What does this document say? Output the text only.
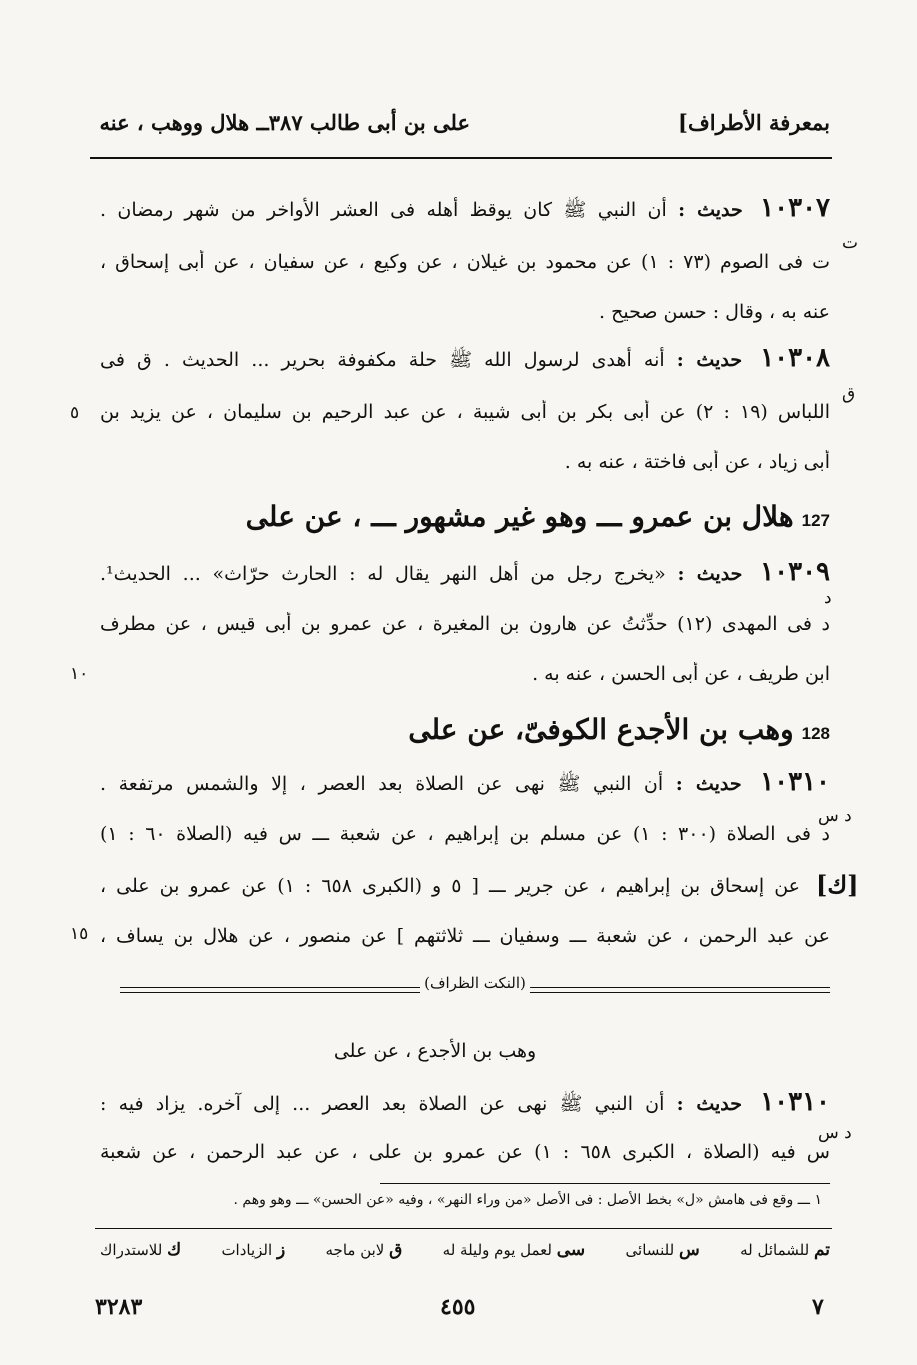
بمعرفة الأطراف]
على بن أبى طالب ٣٨٧ــ هلال ووهب ، عنه
١٠٣٠٧ حديث : أن النبي ﷺ كان يوقظ أهله فى العشر الأواخر من شهر رمضان .
ت
ت فى الصوم (٧٣ : ١) عن محمود بن غيلان ، عن وكيع ، عن سفيان ، عن أبى إسحاق ،
عنه به ، وقال : حسن صحيح .
١٠٣٠٨ حديث : أنه أهدى لرسول الله ﷺ حلة مكفوفة بحرير ... الحديث . ق فى
ق
اللباس (١٩ : ٢) عن أبى بكر بن أبى شيبة ، عن عبد الرحيم بن سليمان ، عن يزيد بن
٥
أبى زياد ، عن أبى فاختة ، عنه به .
127هلال بن عمرو ـــ وهو غير مشهور ـــ ، عن على
١٠٣٠٩ حديث : «يخرج رجل من أهل النهر يقال له : الحارث حرّاث» ... الحديث¹.
د
د فى المهدى (١٢) حدِّثتُ عن هارون بن المغيرة ، عن عمرو بن أبى قيس ، عن مطرف
ابن طريف ، عن أبى الحسن ، عنه به .
١٠
128وهب بن الأجدع الكوفىّ، عن على
١٠٣١٠ حديث : أن النبي ﷺ نهى عن الصلاة بعد العصر ، إلا والشمس مرتفعة .
د س
د فى الصلاة (٣٠٠ : ١) عن مسلم بن إبراهيم ، عن شعبة ـــ س فيه (الصلاة ٦٠ : ١)
[ك]
عن إسحاق بن إبراهيم ، عن جرير ـــ [ ٥ و (الكبرى ٦٥٨ : ١) عن عمرو بن على ،
عن عبد الرحمن ، عن شعبة ـــ وسفيان ـــ ثلاثتهم ] عن منصور ، عن هلال بن يساف ،
١٥
(النكت الظراف)
وهب بن الأجدع ، عن على
١٠٣١٠ حديث : أن النبي ﷺ نهى عن الصلاة بعد العصر ... إلى آخره. يزاد فيه :
د س
س فيه (الصلاة ، الكبرى ٦٥٨ : ١) عن عمرو بن على ، عن عبد الرحمن ، عن شعبة
١ ـــ وقع فى هامش «ل» بخط الأصل : فى الأصل «من وراء النهر» ، وفيه «عن الحسن» ـــ وهو وهم .
تم للشمائل له
س للنسائى
سى لعمل يوم وليلة له
ق لابن ماجه
ز الزيادات
ك للاستدراك
٧
٤٥٥
٣٢٨٣
